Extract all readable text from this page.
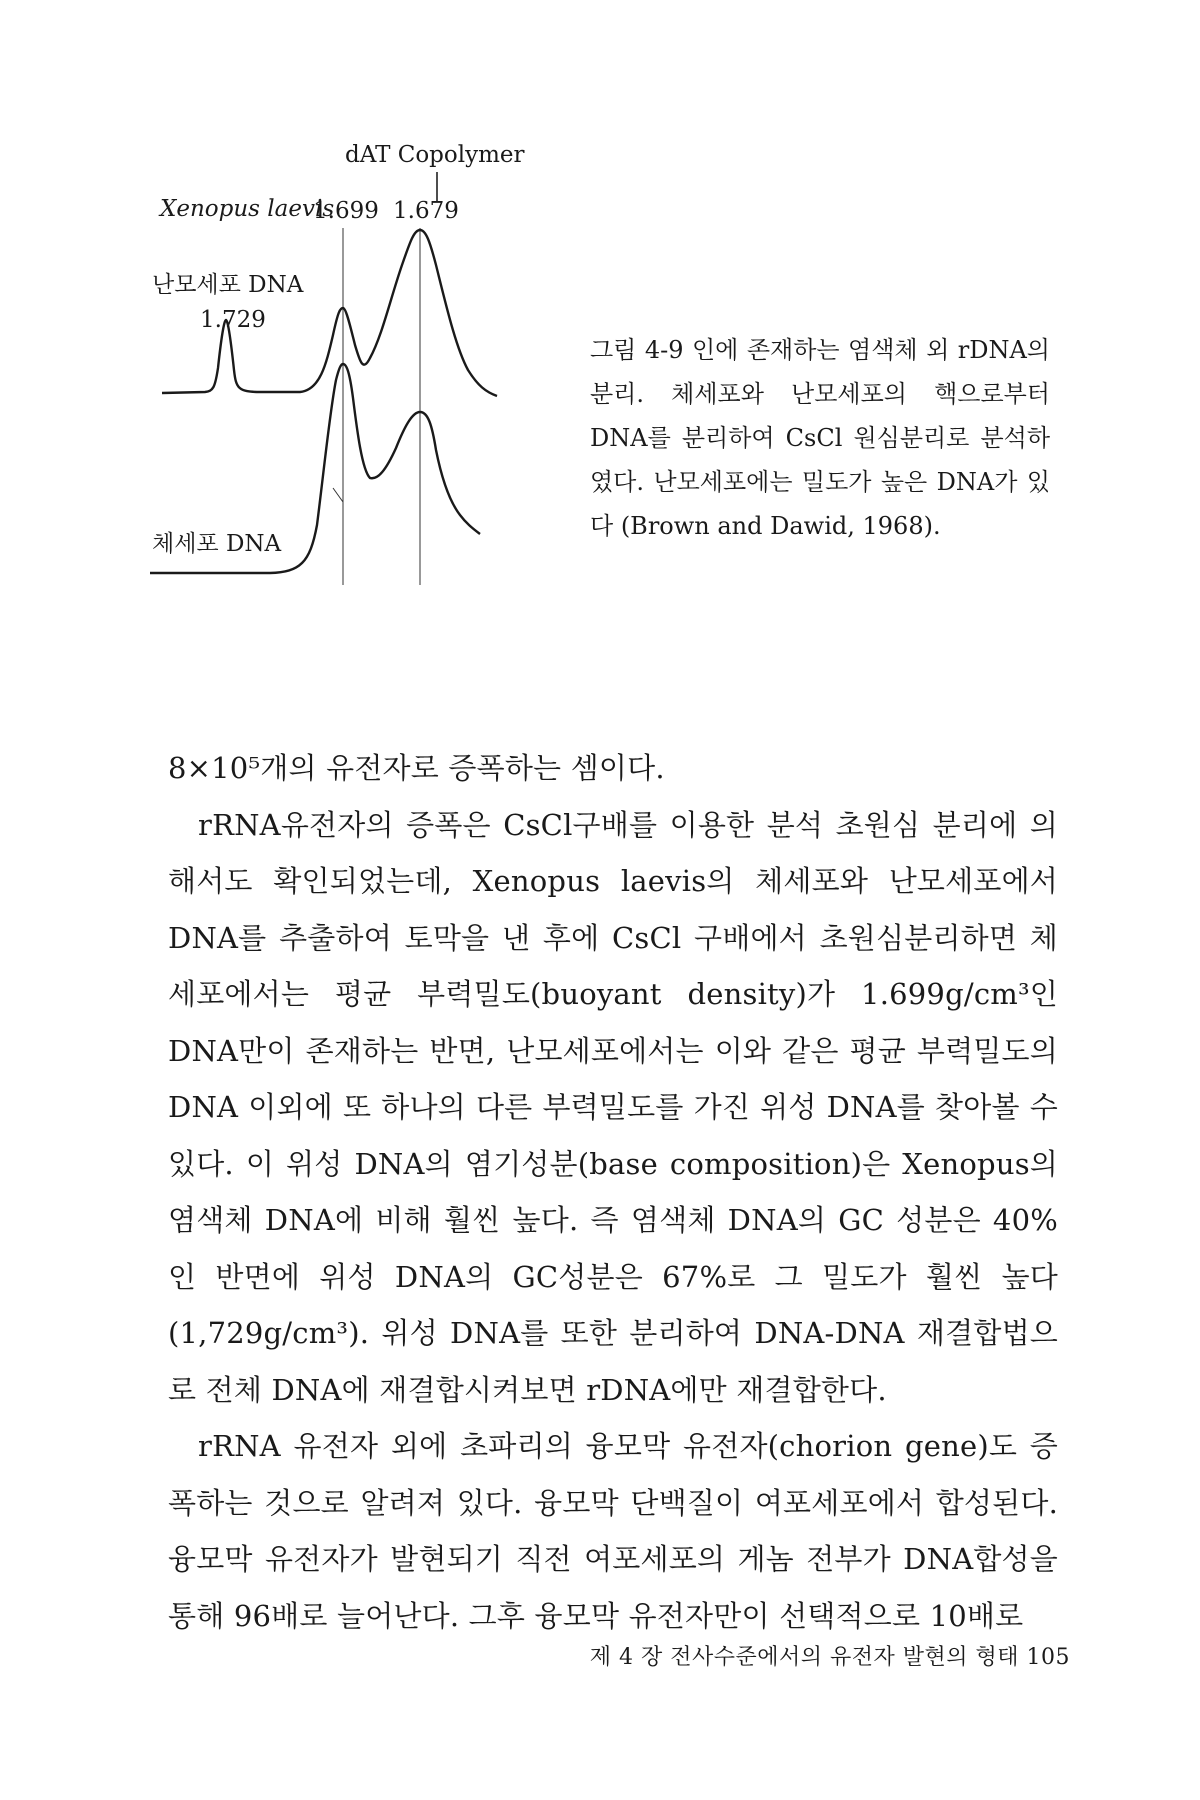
dAT Copolymer
Xenopus laevis
1.699 1.679
난모세포 DNA
1.729
체세포 DNA
그림 4-9 인에 존재하는 염색체 외 rDNA의 분리. 체세포와 난모세포의 핵으로부터 DNA를 분리하여 CsCl 원심분리로 분석하였다. 난모세포에는 밀도가 높은 DNA가 있다 (Brown and Dawid, 1968).

8×10⁵개의 유전자로 증폭하는 셈이다.

rRNA유전자의 증폭은 CsCl구배를 이용한 분석 초원심 분리에 의해서도 확인되었는데, Xenopus laevis의 체세포와 난모세포에서 DNA를 추출하여 토막을 낸 후에 CsCl 구배에서 초원심분리하면 체세포에서는 평균 부력밀도(buoyant density)가 1.699g/cm³인 DNA만이 존재하는 반면, 난모세포에서는 이와 같은 평균 부력밀도의 DNA 이외에 또 하나의 다른 부력밀도를 가진 위성 DNA를 찾아볼 수 있다. 이 위성 DNA의 염기성분(base composition)은 Xenopus의 염색체 DNA에 비해 훨씬 높다. 즉 염색체 DNA의 GC 성분은 40%인 반면에 위성 DNA의 GC성분은 67%로 그 밀도가 훨씬 높다(1,729g/cm³). 위성 DNA를 또한 분리하여 DNA-DNA 재결합법으로 전체 DNA에 재결합시켜보면 rDNA에만 재결합한다.

rRNA 유전자 외에 초파리의 융모막 유전자(chorion gene)도 증폭하는 것으로 알려져 있다. 융모막 단백질이 여포세포에서 합성된다. 융모막 유전자가 발현되기 직전 여포세포의 게놈 전부가 DNA합성을 통해 96배로 늘어난다. 그후 융모막 유전자만이 선택적으로 10배로

제 4 장 전사수준에서의 유전자 발현의 형태 105
